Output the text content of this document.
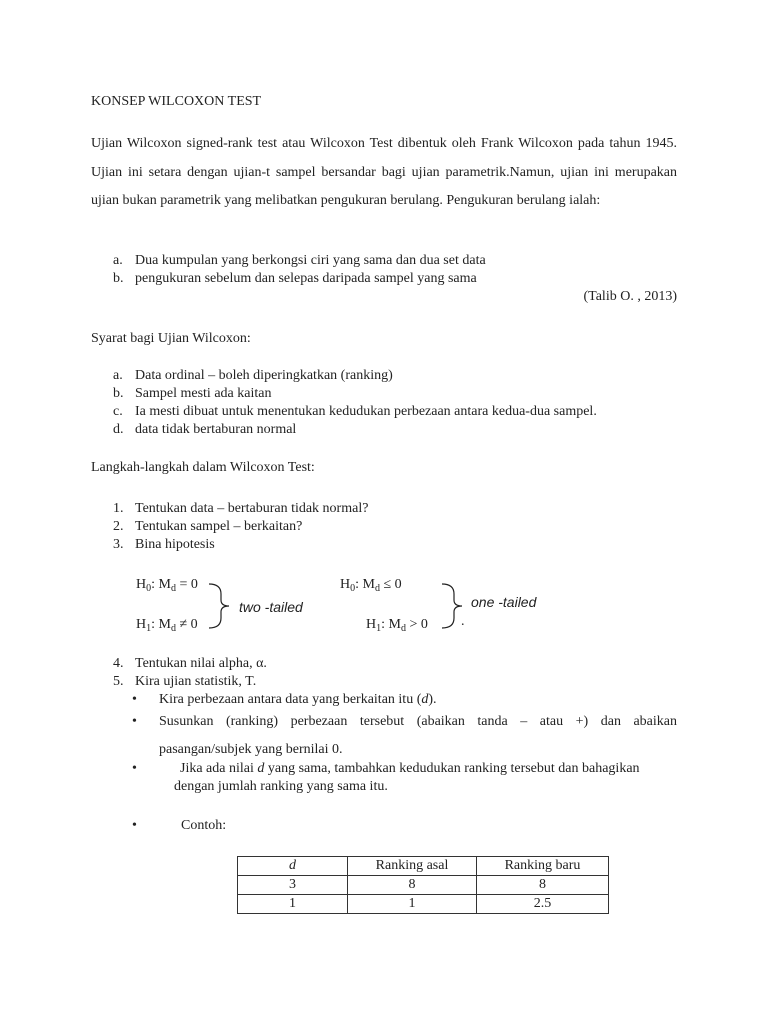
KONSEP WILCOXON TEST
Ujian Wilcoxon signed-rank test atau Wilcoxon Test dibentuk oleh Frank Wilcoxon pada tahun 1945. Ujian ini setara dengan ujian-t sampel bersandar bagi ujian parametrik.Namun, ujian ini merupakan ujian bukan parametrik yang melibatkan pengukuran berulang. Pengukuran berulang ialah:
a. Dua kumpulan yang berkongsi ciri yang sama dan dua set data
b. pengukuran sebelum dan selepas daripada sampel yang sama
(Talib O. , 2013)
Syarat bagi Ujian Wilcoxon:
a. Data ordinal – boleh diperingkatkan (ranking)
b. Sampel mesti ada kaitan
c. Ia mesti dibuat untuk menentukan kedudukan perbezaan antara kedua-dua sampel.
d. data tidak bertaburan normal
Langkah-langkah dalam Wilcoxon Test:
1. Tentukan data – bertaburan tidak normal?
2. Tentukan sampel – berkaitan?
3. Bina hipotesis
$H_0$: $M_d = 0$
$H_1$: $M_d \ne 0$
two -tailed
$H_0$: $M_d \le 0$
$H_1$: $M_d > 0$
one -tailed
.
4. Tentukan nilai alpha, α.
5. Kira ujian statistik, T.
• Kira perbezaan antara data yang berkaitan itu (d).
• Susunkan (ranking) perbezaan tersebut (abaikan tanda – atau +) dan abaikan
pasangan/subjek yang bernilai 0.
•	Jika ada nilai d yang sama, tambahkan kedudukan ranking tersebut dan bahagikan
dengan jumlah ranking yang sama itu.
•	Contoh:
d	Ranking asal	Ranking baru
3	8	8
1	1	2.5
